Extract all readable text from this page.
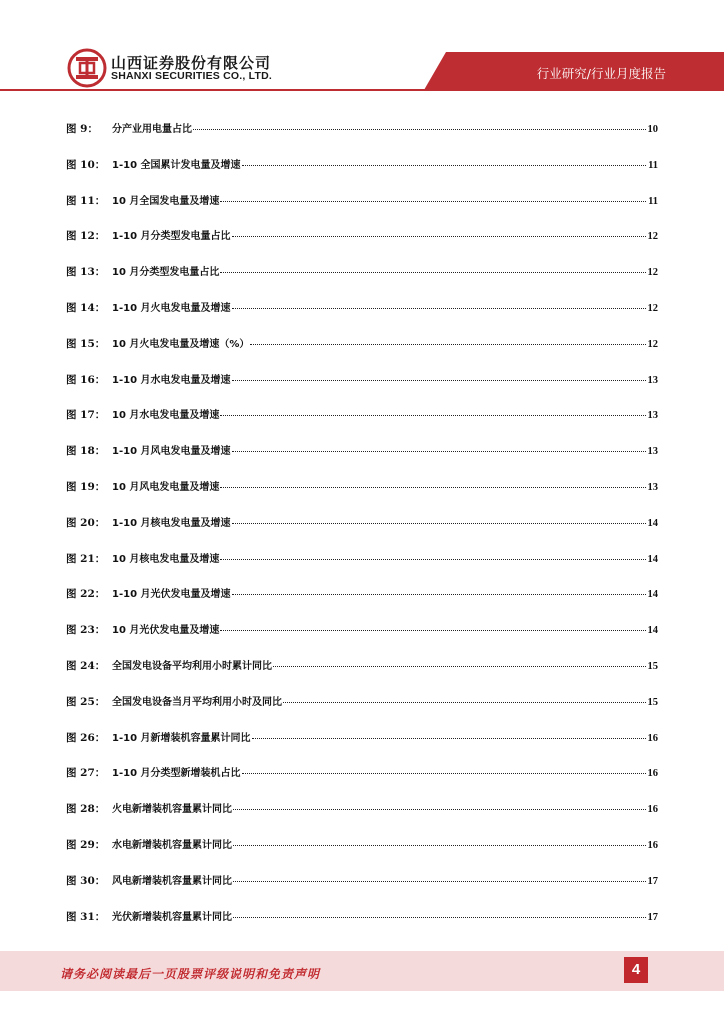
山西证券股份有限公司
SHANXI SECURITIES CO., LTD.	行业研究/行业月度报告
图 9：	分产业用电量占比	10
图 10： 1-10 全国累计发电量及增速	11
图 11： 10 月全国发电量及增速	11
图 12： 1-10 月分类型发电量占比	12
图 13： 10 月分类型发电量占比	12
图 14： 1-10 月火电发电量及增速	12
图 15： 10 月火电发电量及增速（%）	12
图 16： 1-10 月水电发电量及增速	13
图 17： 10 月水电发电量及增速	13
图 18： 1-10 月风电发电量及增速	13
图 19： 10 月风电发电量及增速	13
图 20： 1-10 月核电发电量及增速	14
图 21： 10 月核电发电量及增速	14
图 22： 1-10 月光伏发电量及增速	14
图 23： 10 月光伏发电量及增速	14
图 24： 全国发电设备平均利用小时累计同比	15
图 25： 全国发电设备当月平均利用小时及同比	15
图 26： 1-10 月新增装机容量累计同比	16
图 27： 1-10 月分类型新增装机占比	16
图 28： 火电新增装机容量累计同比	16
图 29： 水电新增装机容量累计同比	16
图 30： 风电新增装机容量累计同比	17
图 31： 光伏新增装机容量累计同比	17
请务必阅读最后一页股票评级说明和免责声明	4
